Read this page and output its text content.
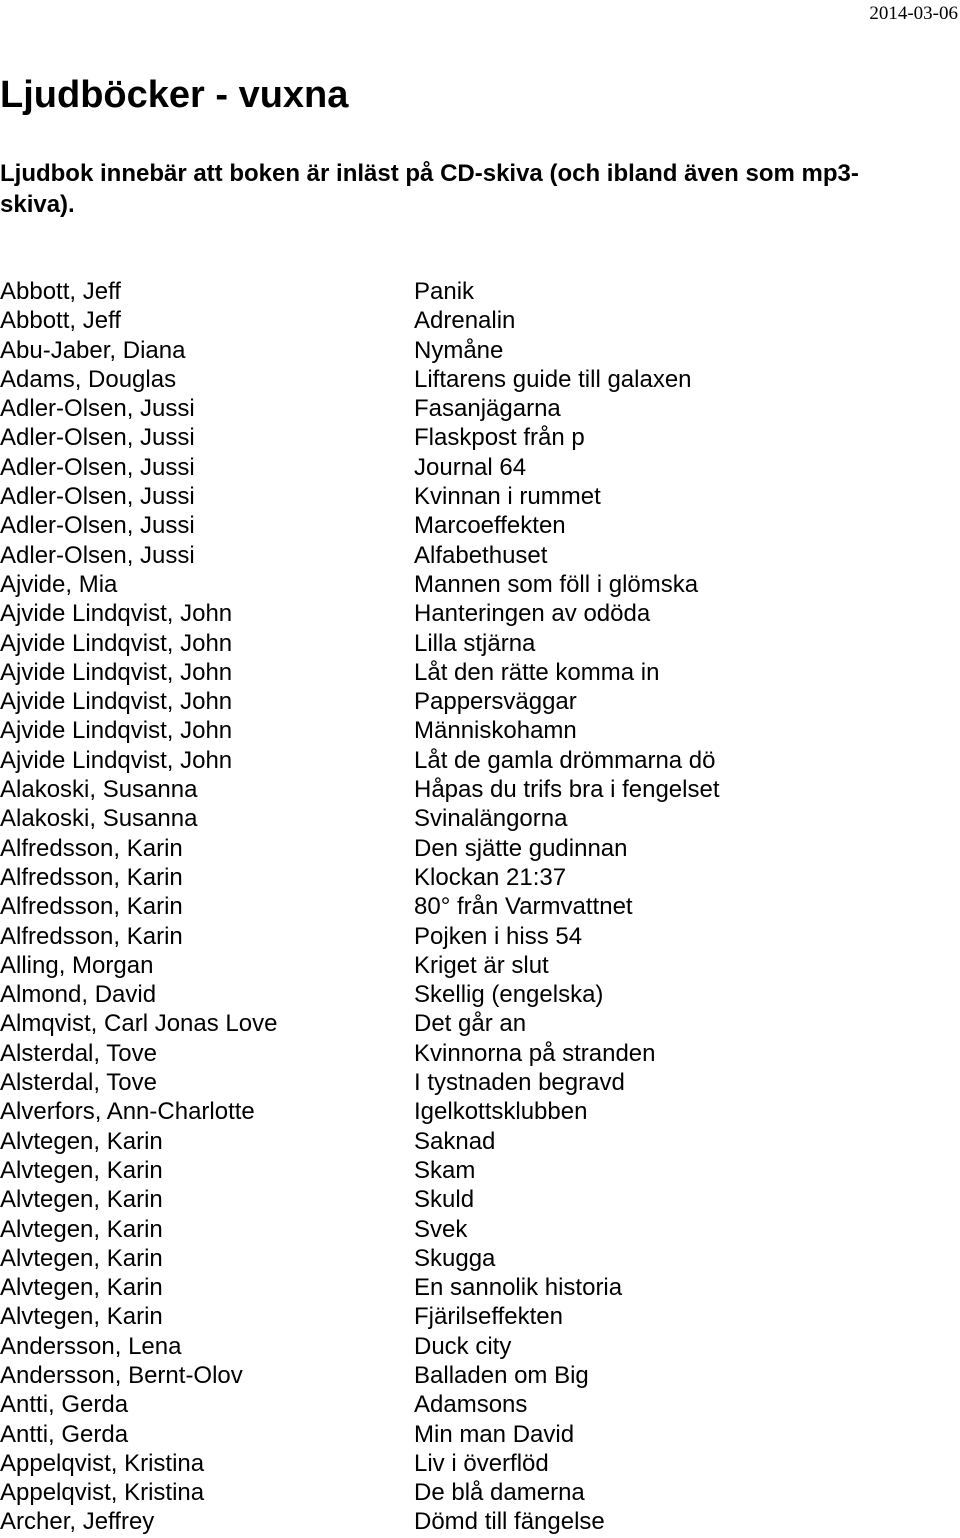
2014-03-06
Ljudböcker - vuxna

Ljudbok innebär att boken är inläst på CD-skiva (och ibland även som mp3-skiva).

Abbott, Jeff	Panik
Abbott, Jeff	Adrenalin
Abu-Jaber, Diana	Nymåne
Adams, Douglas	Liftarens guide till galaxen
Adler-Olsen, Jussi	Fasanjägarna
Adler-Olsen, Jussi	Flaskpost från p
Adler-Olsen, Jussi	Journal 64
Adler-Olsen, Jussi	Kvinnan i rummet
Adler-Olsen, Jussi	Marcoeffekten
Adler-Olsen, Jussi	Alfabethuset
Ajvide, Mia	Mannen som föll i glömska
Ajvide Lindqvist, John	Hanteringen av odöda
Ajvide Lindqvist, John	Lilla stjärna
Ajvide Lindqvist, John	Låt den rätte komma in
Ajvide Lindqvist, John	Pappersväggar
Ajvide Lindqvist, John	Människohamn
Ajvide Lindqvist, John	Låt de gamla drömmarna dö
Alakoski, Susanna	Håpas du trifs bra i fengelset
Alakoski, Susanna	Svinalängorna
Alfredsson, Karin	Den sjätte gudinnan
Alfredsson, Karin	Klockan 21:37
Alfredsson, Karin	80° från Varmvattnet
Alfredsson, Karin	Pojken i hiss 54
Alling, Morgan	Kriget är slut
Almond, David	Skellig (engelska)
Almqvist, Carl Jonas Love	Det går an
Alsterdal, Tove	Kvinnorna på stranden
Alsterdal, Tove	I tystnaden begravd
Alverfors, Ann-Charlotte	Igelkottsklubben
Alvtegen, Karin	Saknad
Alvtegen, Karin	Skam
Alvtegen, Karin	Skuld
Alvtegen, Karin	Svek
Alvtegen, Karin	Skugga
Alvtegen, Karin	En sannolik historia
Alvtegen, Karin	Fjärilseffekten
Andersson, Lena	Duck city
Andersson, Bernt-Olov	Balladen om Big
Antti, Gerda	Adamsons
Antti, Gerda	Min man David
Appelqvist, Kristina	Liv i överflöd
Appelqvist, Kristina	De blå damerna
Archer, Jeffrey	Dömd till fängelse
